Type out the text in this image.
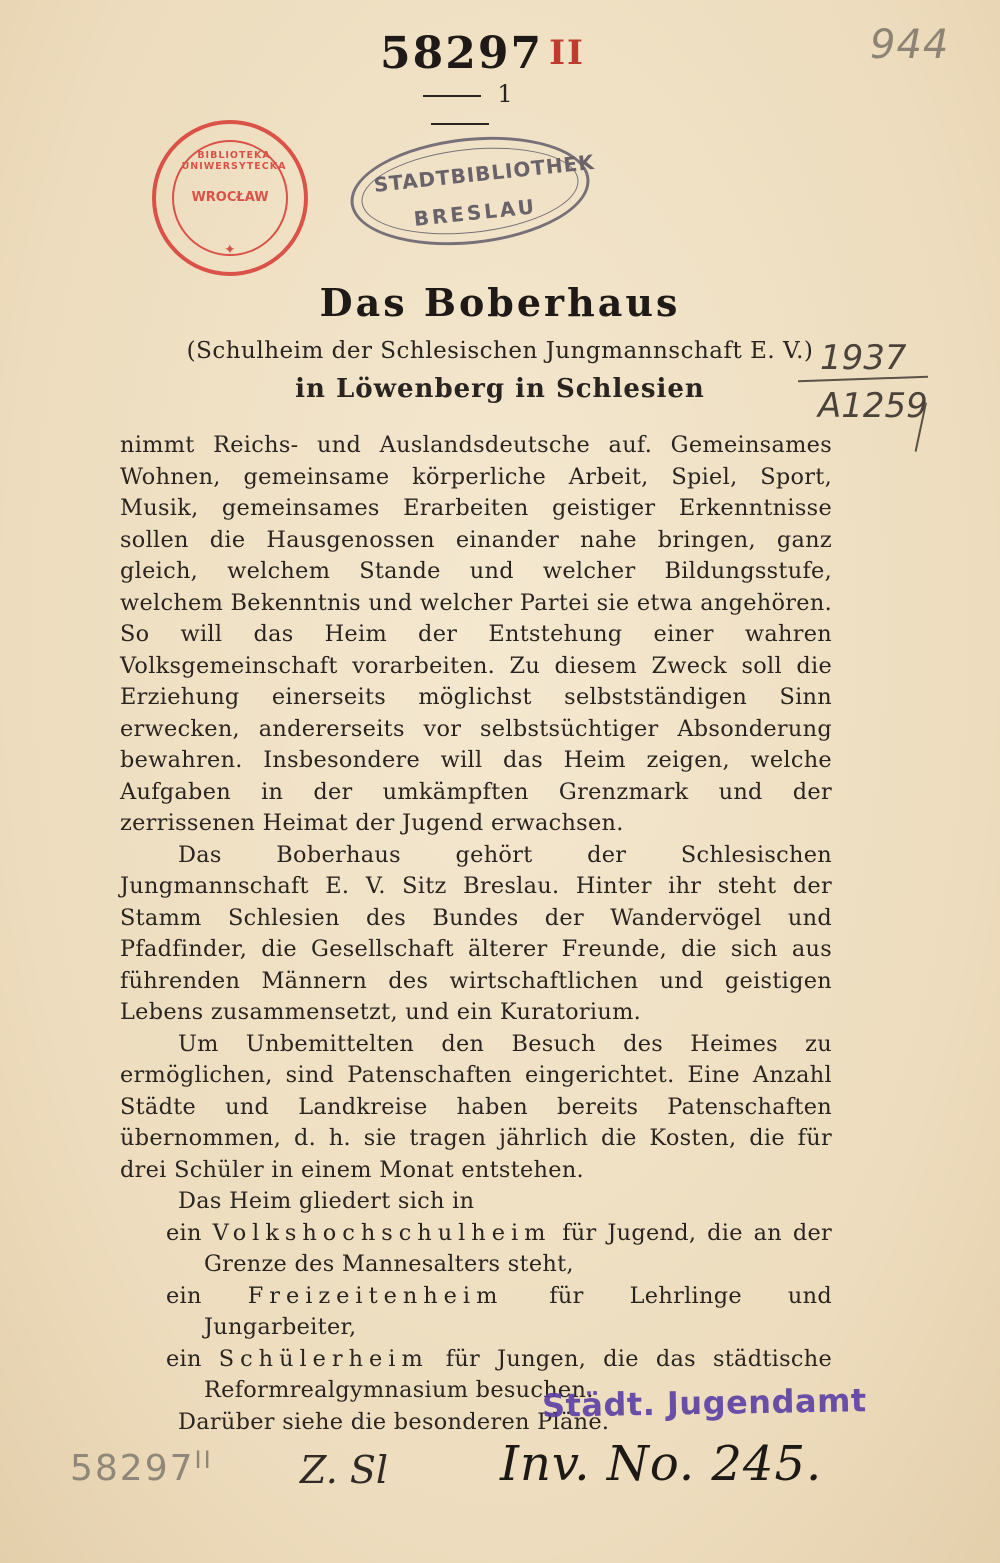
58297 II
1
944
BIBLIOTEKA UNIWERSYTECKA
WROCŁAW
✦
STADTBIBLIOTHEK
BRESLAU
Das Boberhaus
(Schulheim der Schlesischen Jungmannschaft E. V.)
in Löwenberg in Schlesien
1937
A1259

nimmt Reichs- und Auslandsdeutsche auf. Gemeinsames Wohnen, gemeinsame körperliche Arbeit, Spiel, Sport, Musik, gemeinsames Erarbeiten geistiger Erkenntnisse sollen die Hausgenossen einander nahe bringen, ganz gleich, welchem Stande und welcher Bildungsstufe, welchem Bekenntnis und welcher Partei sie etwa angehören. So will das Heim der Entstehung einer wahren Volksgemeinschaft vorarbeiten. Zu diesem Zweck soll die Erziehung einerseits möglichst selbstständigen Sinn erwecken, andererseits vor selbstsüchtiger Absonderung bewahren. Insbesondere will das Heim zeigen, welche Aufgaben in der umkämpften Grenzmark und der zerrissenen Heimat der Jugend erwachsen.

Das Boberhaus gehört der Schlesischen Jungmannschaft E. V. Sitz Breslau. Hinter ihr steht der Stamm Schlesien des Bundes der Wandervögel und Pfadfinder, die Gesellschaft älterer Freunde, die sich aus führenden Männern des wirtschaftlichen und geistigen Lebens zusammensetzt, und ein Kuratorium.

Um Unbemittelten den Besuch des Heimes zu ermöglichen, sind Patenschaften eingerichtet. Eine Anzahl Städte und Landkreise haben bereits Patenschaften übernommen, d. h. sie tragen jährlich die Kosten, die für drei Schüler in einem Monat entstehen.

Das Heim gliedert sich in

ein Volkshochschulheim für Jugend, die an der Grenze des Mannesalters steht,

ein Freizeitenheim für Lehrlinge und Jungarbeiter,

ein Schülerheim für Jungen, die das städtische Reformrealgymnasium besuchen.

Darüber siehe die besonderen Pläne.

Städt. Jugendamt
$58297^{II}$ Z. Sl Inv. No. 245.
